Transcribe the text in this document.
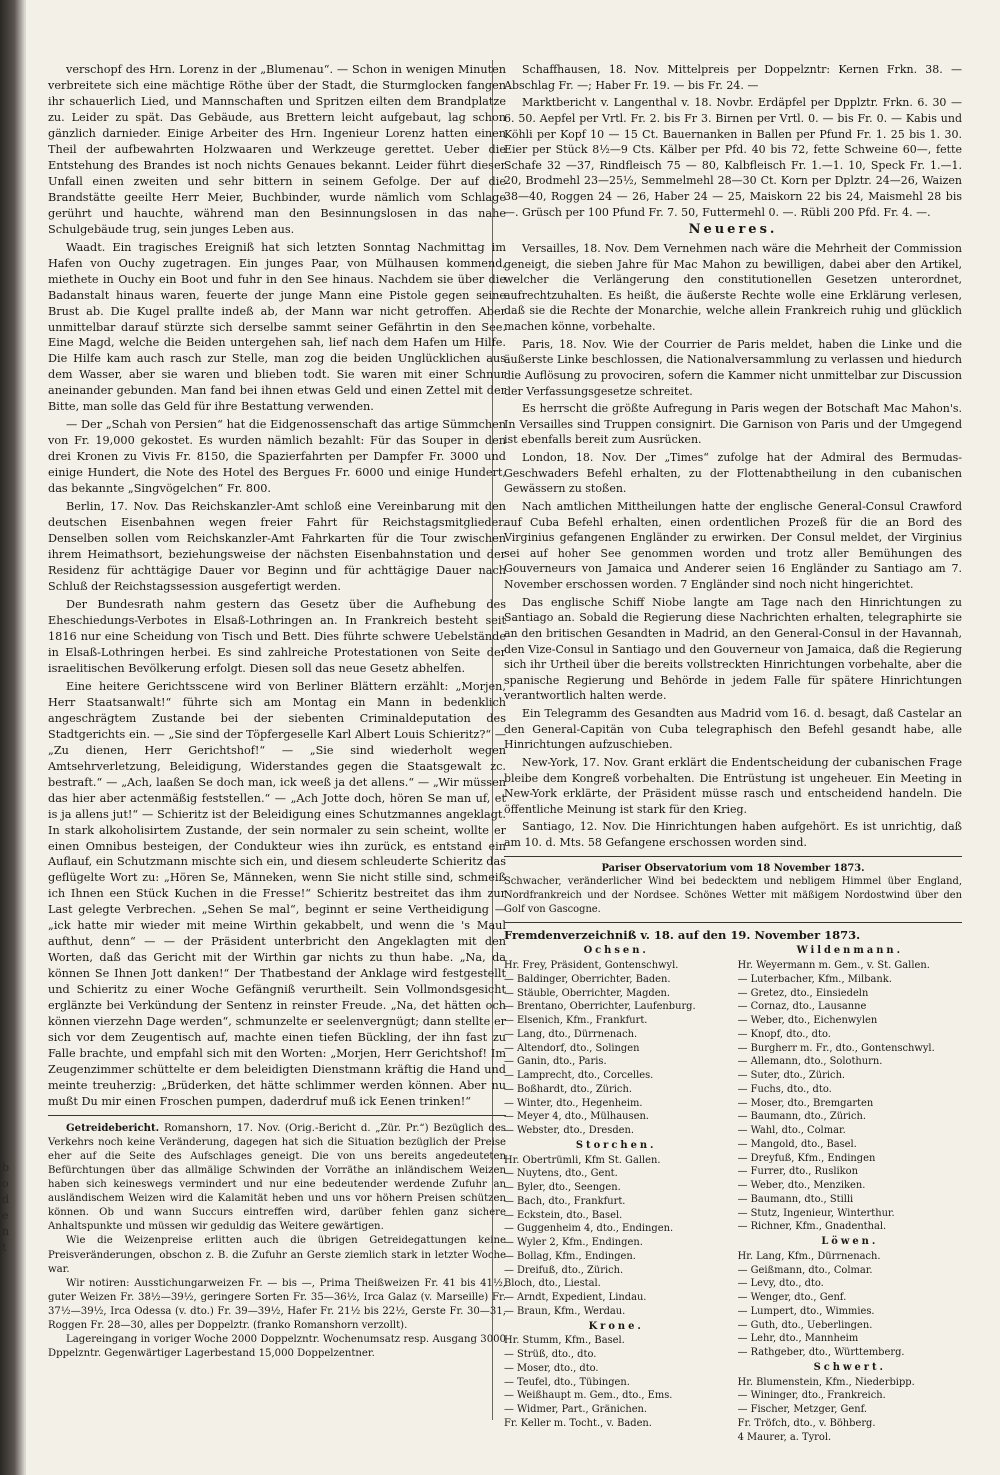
b
o
d
e
n
t

verschopf des Hrn. Lorenz in der „Blumenau“. — Schon in wenigen Minuten verbreitete sich eine mächtige Röthe über der Stadt, die Sturmglocken fangen ihr schauerlich Lied, und Mannschaften und Spritzen eilten dem Brandplatze zu. Leider zu spät. Das Gebäude, aus Brettern leicht aufgebaut, lag schon gänzlich darnieder. Einige Arbeiter des Hrn. Ingenieur Lorenz hatten einen Theil der aufbewahrten Holzwaaren und Werkzeuge gerettet. Ueber die Entstehung des Brandes ist noch nichts Genaues bekannt. Leider führt dieser Unfall einen zweiten und sehr bittern in seinem Gefolge. Der auf die Brandstätte geeilte Herr Meier, Buchbinder, wurde nämlich vom Schlage gerührt und hauchte, während man den Besinnungslosen in das nahe Schulgebäude trug, sein junges Leben aus.

Waadt. Ein tragisches Ereigniß hat sich letzten Sonntag Nachmittag im Hafen von Ouchy zugetragen. Ein junges Paar, von Mülhausen kommend, miethete in Ouchy ein Boot und fuhr in den See hinaus. Nachdem sie über die Badanstalt hinaus waren, feuerte der junge Mann eine Pistole gegen seine Brust ab. Die Kugel prallte indeß ab, der Mann war nicht getroffen. Aber unmittelbar darauf stürzte sich derselbe sammt seiner Gefährtin in den See. Eine Magd, welche die Beiden untergehen sah, lief nach dem Hafen um Hilfe. Die Hilfe kam auch rasch zur Stelle, man zog die beiden Unglücklichen aus dem Wasser, aber sie waren und blieben todt. Sie waren mit einer Schnur aneinander gebunden. Man fand bei ihnen etwas Geld und einen Zettel mit der Bitte, man solle das Geld für ihre Bestattung verwenden.

— Der „Schah von Persien“ hat die Eidgenossenschaft das artige Sümmchen von Fr. 19,000 gekostet. Es wurden nämlich bezahlt: Für das Souper in den drei Kronen zu Vivis Fr. 8150, die Spazierfahrten per Dampfer Fr. 3000 und einige Hundert, die Note des Hotel des Bergues Fr. 6000 und einige Hundert, das bekannte „Singvögelchen“ Fr. 800.

Berlin, 17. Nov. Das Reichskanzler-Amt schloß eine Vereinbarung mit den deutschen Eisenbahnen wegen freier Fahrt für Reichstagsmitglieder. Denselben sollen vom Reichskanzler-Amt Fahrkarten für die Tour zwischen ihrem Heimathsort, beziehungsweise der nächsten Eisenbahnstation und der Residenz für achttägige Dauer vor Beginn und für achttägige Dauer nach Schluß der Reichstagssession ausgefertigt werden.

Der Bundesrath nahm gestern das Gesetz über die Aufhebung des Eheschiedungs-Verbotes in Elsaß-Lothringen an. In Frankreich besteht seit 1816 nur eine Scheidung von Tisch und Bett. Dies führte schwere Uebelstände in Elsaß-Lothringen herbei. Es sind zahlreiche Protestationen von Seite der israelitischen Bevölkerung erfolgt. Diesen soll das neue Gesetz abhelfen.

Eine heitere Gerichtsscene wird von Berliner Blättern erzählt: „Morjen, Herr Staatsanwalt!“ führte sich am Montag ein Mann in bedenklich angeschrägtem Zustande bei der siebenten Criminaldeputation des Stadtgerichts ein. — „Sie sind der Töpfergeselle Karl Albert Louis Schieritz?“ — „Zu dienen, Herr Gerichtshof!“ — „Sie sind wiederholt wegen Amtsehrverletzung, Beleidigung, Widerstandes gegen die Staatsgewalt zc. bestraft.“ — „Ach, laaßen Se doch man, ick weeß ja det allens.“ — „Wir müssen das hier aber actenmäßig feststellen.“ — „Ach Jotte doch, hören Se man uf, et is ja allens jut!“ — Schieritz ist der Beleidigung eines Schutzmannes angeklagt. In stark alkoholisirtem Zustande, der sein normaler zu sein scheint, wollte er einen Omnibus besteigen, der Condukteur wies ihn zurück, es entstand ein Auflauf, ein Schutzmann mischte sich ein, und diesem schleuderte Schieritz das geflügelte Wort zu: „Hören Se, Männeken, wenn Sie nicht stille sind, schmeiß ich Ihnen een Stück Kuchen in die Fresse!“ Schieritz bestreitet das ihm zur Last gelegte Verbrechen. „Sehen Se mal“, beginnt er seine Vertheidigung — „ick hatte mir wieder mit meine Wirthin gekabbelt, und wenn die 's Maul aufthut, denn“ — — der Präsident unterbricht den Angeklagten mit den Worten, daß das Gericht mit der Wirthin gar nichts zu thun habe. „Na, da können Se Ihnen Jott danken!“ Der Thatbestand der Anklage wird festgestellt und Schieritz zu einer Woche Gefängniß verurtheilt. Sein Vollmondsgesicht erglänzte bei Verkündung der Sentenz in reinster Freude. „Na, det hätten och können vierzehn Dage werden“, schmunzelte er seelenvergnügt; dann stellte er sich vor dem Zeugentisch auf, machte einen tiefen Bückling, der ihn fast zu Falle brachte, und empfahl sich mit den Worten: „Morjen, Herr Gerichtshof! Im Zeugenzimmer schüttelte er dem beleidigten Dienstmann kräftig die Hand und meinte treuherzig: „Brüderken, det hätte schlimmer werden können. Aber nu mußt Du mir einen Froschen pumpen, daderdruf muß ick Eenen trinken!“

Getreidebericht. Romanshorn, 17. Nov. (Orig.-Bericht d. „Zür. Pr.“) Bezüglich des Verkehrs noch keine Veränderung, dagegen hat sich die Situation bezüglich der Preise eher auf die Seite des Aufschlages geneigt. Die von uns bereits angedeuteten Befürchtungen über das allmälige Schwinden der Vorräthe an inländischem Weizen haben sich keineswegs vermindert und nur eine bedeutender werdende Zufuhr an ausländischem Weizen wird die Kalamität heben und uns vor höhern Preisen schützen können. Ob und wann Succurs eintreffen wird, darüber fehlen ganz sichere Anhaltspunkte und müssen wir geduldig das Weitere gewärtigen.

Wie die Weizenpreise erlitten auch die übrigen Getreidegattungen keine Preisveränderungen, obschon z. B. die Zufuhr an Gerste ziemlich stark in letzter Woche war.

Wir notiren: Ausstichungarweizen Fr. — bis —, Prima Theißweizen Fr. 41 bis 41½, guter Weizen Fr. 38½—39½, geringere Sorten Fr. 35—36½, Irca Galaz (v. Marseille) Fr. 37½—39½, Irca Odessa (v. dto.) Fr. 39—39½, Hafer Fr. 21½ bis 22½, Gerste Fr. 30—31, Roggen Fr. 28—30, alles per Doppelztr. (franko Romanshorn verzollt).

Lagereingang in voriger Woche 2000 Doppelzntr. Wochenumsatz resp. Ausgang 3000 Dppelzntr. Gegenwärtiger Lagerbestand 15,000 Doppelzentner.

Schaffhausen, 18. Nov. Mittelpreis per Doppelzntr: Kernen Frkn. 38. — Abschlag Fr. —; Haber Fr. 19. — bis Fr. 24. —

Marktbericht v. Langenthal v. 18. Novbr. Erdäpfel per Dpplztr. Frkn. 6. 30 — 6. 50. Aepfel per Vrtl. Fr. 2. bis Fr 3. Birnen per Vrtl. 0. — bis Fr. 0. — Kabis und Köhli per Kopf 10 — 15 Ct. Bauernanken in Ballen per Pfund Fr. 1. 25 bis 1. 30. Eier per Stück 8½—9 Cts. Kälber per Pfd. 40 bis 72, fette Schweine 60—, fette Schafe 32 —37, Rindfleisch 75 — 80, Kalbfleisch Fr. 1.—1. 10, Speck Fr. 1.—1. 20, Brodmehl 23—25½, Semmelmehl 28—30 Ct. Korn per Dplztr. 24—26, Waizen 38—40, Roggen 24 — 26, Haber 24 — 25, Maiskorn 22 bis 24, Maismehl 28 bis —. Grüsch per 100 Pfund Fr. 7. 50, Futtermehl 0. —. Rübli 200 Pfd. Fr. 4. —.

Neueres.

Versailles, 18. Nov. Dem Vernehmen nach wäre die Mehrheit der Commission geneigt, die sieben Jahre für Mac Mahon zu bewilligen, dabei aber den Artikel, welcher die Verlängerung den constitutionellen Gesetzen unterordnet, aufrechtzuhalten. Es heißt, die äußerste Rechte wolle eine Erklärung verlesen, daß sie die Rechte der Monarchie, welche allein Frankreich ruhig und glücklich machen könne, vorbehalte.

Paris, 18. Nov. Wie der Courrier de Paris meldet, haben die Linke und die äußerste Linke beschlossen, die Nationalversammlung zu verlassen und hiedurch die Auflösung zu provociren, sofern die Kammer nicht unmittelbar zur Discussion der Verfassungsgesetze schreitet.

Es herrscht die größte Aufregung in Paris wegen der Botschaft Mac Mahon's. In Versailles sind Truppen consignirt. Die Garnison von Paris und der Umgegend ist ebenfalls bereit zum Ausrücken.

London, 18. Nov. Der „Times“ zufolge hat der Admiral des Bermudas-Geschwaders Befehl erhalten, zu der Flottenabtheilung in den cubanischen Gewässern zu stoßen.

Nach amtlichen Mittheilungen hatte der englische General-Consul Crawford auf Cuba Befehl erhalten, einen ordentlichen Prozeß für die an Bord des Virginius gefangenen Engländer zu erwirken. Der Consul meldet, der Virginius sei auf hoher See genommen worden und trotz aller Bemühungen des Gouverneurs von Jamaica und Anderer seien 16 Engländer zu Santiago am 7. November erschossen worden. 7 Engländer sind noch nicht hingerichtet.

Das englische Schiff Niobe langte am Tage nach den Hinrichtungen zu Santiago an. Sobald die Regierung diese Nachrichten erhalten, telegraphirte sie an den britischen Gesandten in Madrid, an den General-Consul in der Havannah, den Vize-Consul in Santiago und den Gouverneur von Jamaica, daß die Regierung sich ihr Urtheil über die bereits vollstreckten Hinrichtungen vorbehalte, aber die spanische Regierung und Behörde in jedem Falle für spätere Hinrichtungen verantwortlich halten werde.

Ein Telegramm des Gesandten aus Madrid vom 16. d. besagt, daß Castelar an den General-Capitän von Cuba telegraphisch den Befehl gesandt habe, alle Hinrichtungen aufzuschieben.

New-York, 17. Nov. Grant erklärt die Endentscheidung der cubanischen Frage bleibe dem Kongreß vorbehalten. Die Entrüstung ist ungeheuer. Ein Meeting in New-York erklärte, der Präsident müsse rasch und entscheidend handeln. Die öffentliche Meinung ist stark für den Krieg.

Santiago, 12. Nov. Die Hinrichtungen haben aufgehört. Es ist unrichtig, daß am 10. d. Mts. 58 Gefangene erschossen worden sind.

Pariser Observatorium vom 18 November 1873.
Schwacher, veränderlicher Wind bei bedecktem und nebligem Himmel über England, Nordfrankreich und der Nordsee. Schönes Wetter mit mäßigem Nordostwind über den Golf von Gascogne.
Fremdenverzeichniß v. 18. auf den 19. November 1873.
Ochsen.
Hr. Frey, Präsident, Gontenschwyl.
— Baldinger, Oberrichter, Baden.
— Stäuble, Oberrichter, Magden.
— Brentano, Oberrichter, Laufenburg.
— Elsenich, Kfm., Frankfurt.
— Lang, dto., Dürrnenach.
— Altendorf, dto., Solingen
— Ganin, dto., Paris.
— Lamprecht, dto., Corcelles.
— Boßhardt, dto., Zürich.
— Winter, dto., Hegenheim.
— Meyer 4, dto., Mülhausen.
— Webster, dto., Dresden.
Storchen.
Hr. Obertrümli, Kfm St. Gallen.
— Nuytens, dto., Gent.
— Byler, dto., Seengen.
— Bach, dto., Frankfurt.
— Eckstein, dto., Basel.
— Guggenheim 4, dto., Endingen.
— Wyler 2, Kfm., Endingen.
— Bollag, Kfm., Endingen.
— Dreifuß, dto., Zürich.
Bloch, dto., Liestal.
— Arndt, Expedient, Lindau.
— Braun, Kfm., Werdau.
Krone.
Hr. Stumm, Kfm., Basel.
— Strüß, dto., dto.
— Moser, dto., dto.
— Teufel, dto., Tübingen.
— Weißhaupt m. Gem., dto., Ems.
— Widmer, Part., Gränichen.
Fr. Keller m. Tocht., v. Baden.
Wildenmann.
Hr. Weyermann m. Gem., v. St. Gallen.
— Luterbacher, Kfm., Milbank.
— Gretez, dto., Einsiedeln
— Cornaz, dto., Lausanne
— Weber, dto., Eichenwylen
— Knopf, dto., dto.
— Burgherr m. Fr., dto., Gontenschwyl.
— Allemann, dto., Solothurn.
— Suter, dto., Zürich.
— Fuchs, dto., dto.
— Moser, dto., Bremgarten
— Baumann, dto., Zürich.
— Wahl, dto., Colmar.
— Mangold, dto., Basel.
— Dreyfuß, Kfm., Endingen
— Furrer, dto., Ruslikon
— Weber, dto., Menziken.
— Baumann, dto., Stilli
— Stutz, Ingenieur, Winterthur.
— Richner, Kfm., Gnadenthal.
Löwen.
Hr. Lang, Kfm., Dürrnenach.
— Geißmann, dto., Colmar.
— Levy, dto., dto.
— Wenger, dto., Genf.
— Lumpert, dto., Wimmies.
— Guth, dto., Ueberlingen.
— Lehr, dto., Mannheim
— Rathgeber, dto., Württemberg.
Schwert.
Hr. Blumenstein, Kfm., Niederbipp.
— Wininger, dto., Frankreich.
— Fischer, Metzger, Genf.
Fr. Tröfch, dto., v. Böhberg.
4 Maurer, a. Tyrol.
